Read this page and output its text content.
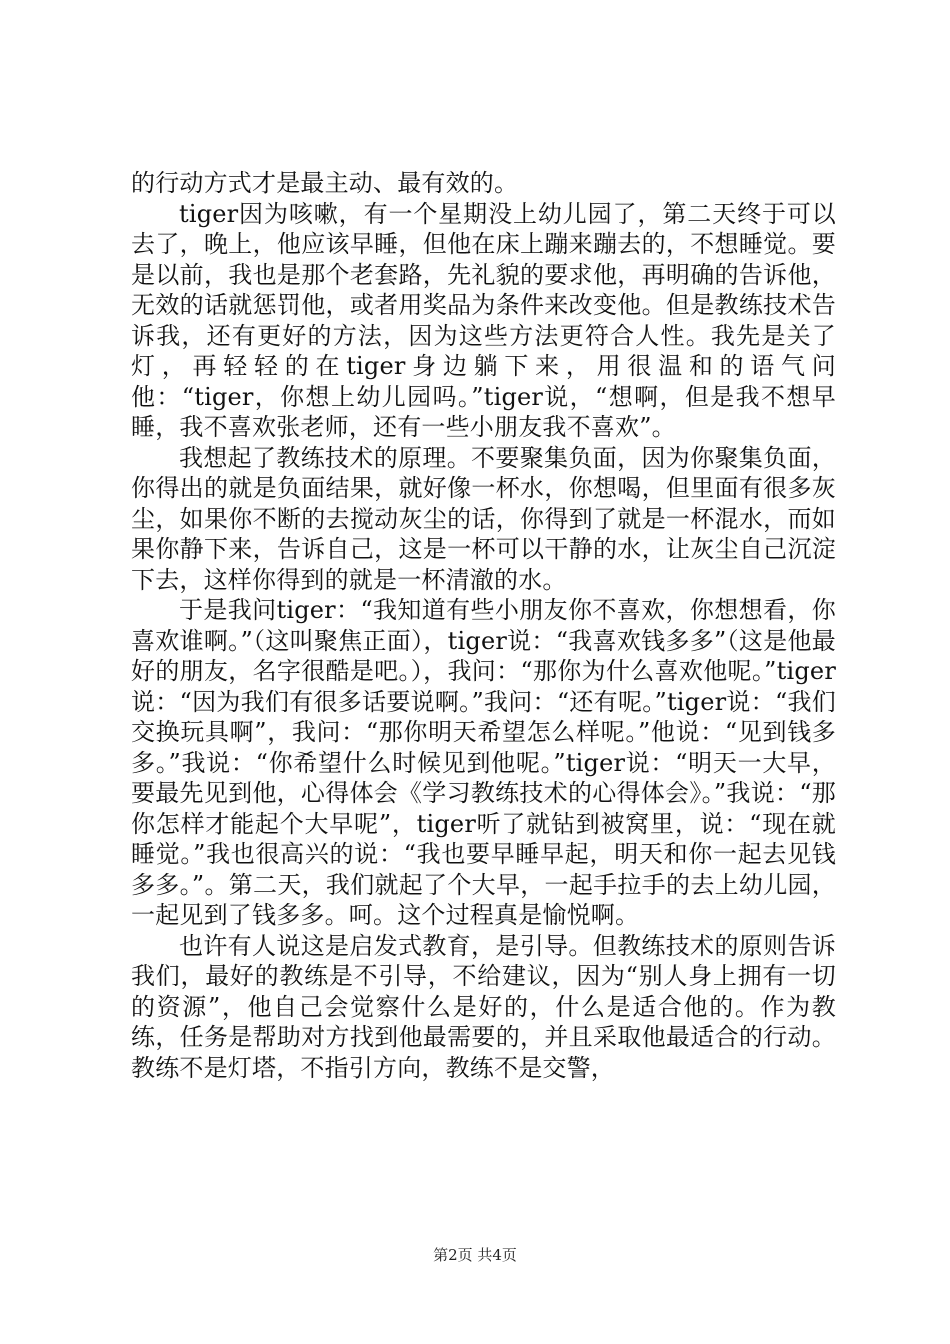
的行动方式才是最主动、最有效的。

tiger因为咳嗽，有一个星期没上幼儿园了，第二天终于可以去了，晚上，他应该早睡，但他在床上蹦来蹦去的，不想睡觉。要是以前，我也是那个老套路，先礼貌的要求他，再明确的告诉他，无效的话就惩罚他，或者用奖品为条件来改变他。但是教练技术告诉我，还有更好的方法，因为这些方法更符合人性。我先是关了灯，再轻轻的在tiger身边躺下来，用很温和的语气问他：“tiger，你想上幼儿园吗。”tiger说，“想啊，但是我不想早睡，我不喜欢张老师，还有一些小朋友我不喜欢”。

我想起了教练技术的原理。不要聚集负面，因为你聚集负面，你得出的就是负面结果，就好像一杯水，你想喝，但里面有很多灰尘，如果你不断的去搅动灰尘的话，你得到了就是一杯混水，而如果你静下来，告诉自己，这是一杯可以干静的水，让灰尘自己沉淀下去，这样你得到的就是一杯清澈的水。

于是我问tiger：“我知道有些小朋友你不喜欢，你想想看，你喜欢谁啊。”（这叫聚焦正面），tiger说：“我喜欢钱多多”（这是他最好的朋友，名字很酷是吧。），我问：“那你为什么喜欢他呢。”tiger说：“因为我们有很多话要说啊。”我问：“还有呢。”tiger说：“我们交换玩具啊”，我问：“那你明天希望怎么样呢。”他说：“见到钱多多。”我说：“你希望什么时候见到他呢。”tiger说：“明天一大早，要最先见到他，心得体会《学习教练技术的心得体会》。”我说：“那你怎样才能起个大早呢”，tiger听了就钻到被窝里，说：“现在就睡觉。”我也很高兴的说：“我也要早睡早起，明天和你一起去见钱多多。”。第二天，我们就起了个大早，一起手拉手的去上幼儿园，一起见到了钱多多。呵。这个过程真是愉悦啊。

也许有人说这是启发式教育，是引导。但教练技术的原则告诉我们，最好的教练是不引导，不给建议，因为“别人身上拥有一切的资源”，他自己会觉察什么是好的，什么是适合他的。作为教练，任务是帮助对方找到他最需要的，并且采取他最适合的行动。教练不是灯塔，不指引方向，教练不是交警，

第2页 共4页
